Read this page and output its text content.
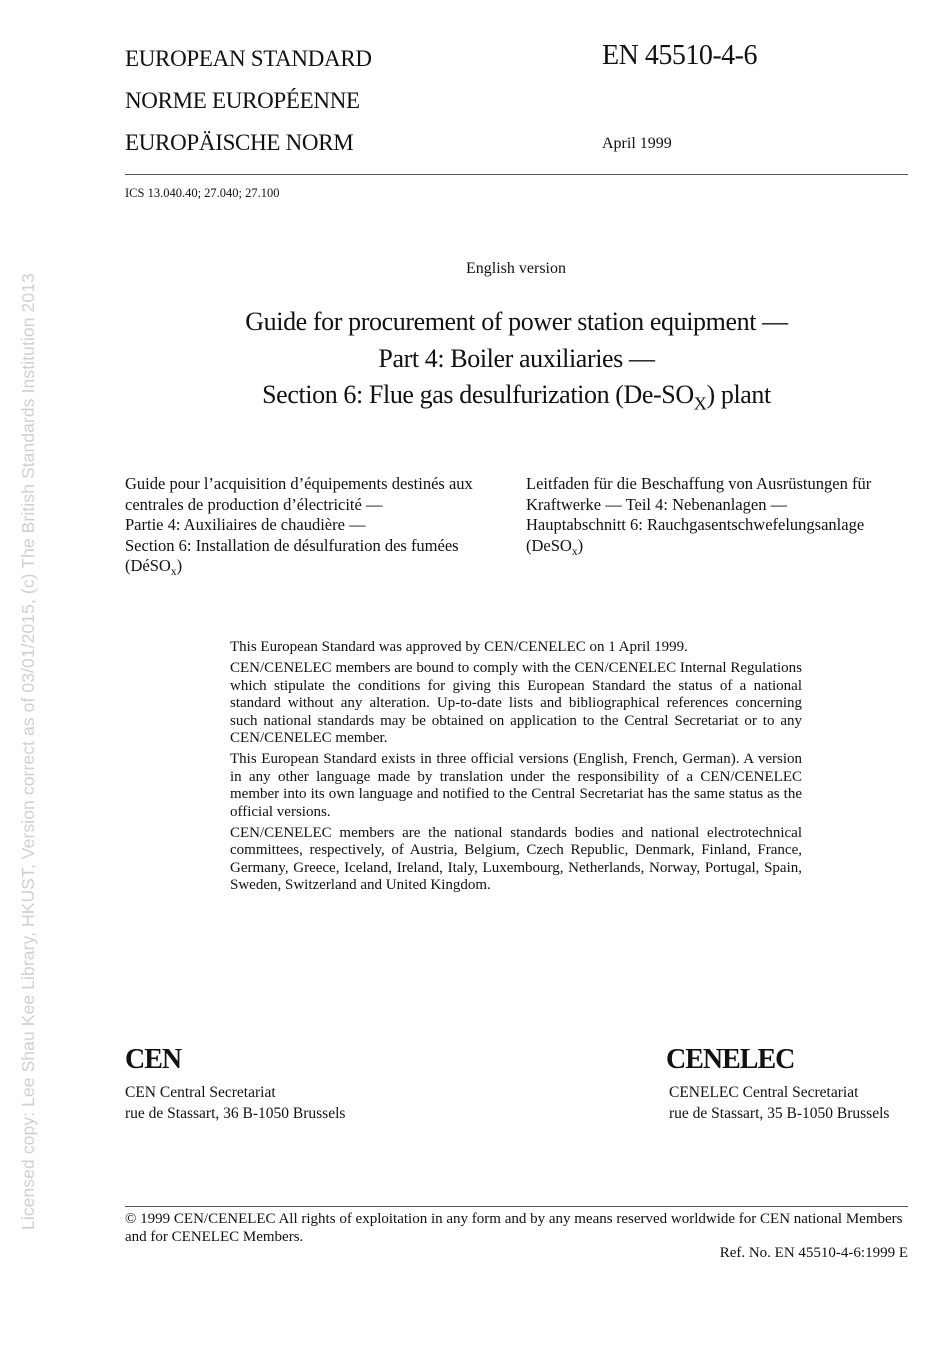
Licensed copy: Lee Shau Kee Library, HKUST, Version correct as of 03/01/2015, (c) The British Standards Institution 2013
EUROPEAN STANDARD
NORME EUROPÉENNE
EUROPÄISCHE NORM
EN 45510-4-6
April 1999
ICS 13.040.40; 27.040; 27.100
English version
Guide for procurement of power station equipment —
Part 4: Boiler auxiliaries —
Section 6: Flue gas desulfurization $(De-SO_X)$ plant
Guide pour l’acquisition d’équipements destinés aux
centrales de production d’électricité —
Partie 4: Auxiliaires de chaudière —
Section 6: Installation de désulfuration des fumées
(DéSO$_x$)
Leitfaden für die Beschaffung von Ausrüstungen für
Kraftwerke — Teil 4: Nebenanlagen —
Hauptabschnitt 6: Rauchgasentschwefelungsanlage
(DeSO$_x$)

This European Standard was approved by CEN/CENELEC on 1 April 1999.

CEN/CENELEC members are bound to comply with the CEN/CENELEC Internal Regulations which stipulate the conditions for giving this European Standard the status of a national standard without any alteration. Up-to-date lists and bibliographical references concerning such national standards may be obtained on application to the Central Secretariat or to any CEN/CENELEC member.

This European Standard exists in three official versions (English, French, German). A version in any other language made by translation under the responsibility of a CEN/CENELEC member into its own language and notified to the Central Secretariat has the same status as the official versions.

CEN/CENELEC members are the national standards bodies and national electrotechnical committees, respectively, of Austria, Belgium, Czech Republic, Denmark, Finland, France, Germany, Greece, Iceland, Ireland, Italy, Luxembourg, Netherlands, Norway, Portugal, Spain, Sweden, Switzerland and United Kingdom.

CEN
CEN Central Secretariat
rue de Stassart, 36 B-1050 Brussels
CENELEC
CENELEC Central Secretariat
rue de Stassart, 35 B-1050 Brussels
© 1999 CEN/CENELEC All rights of exploitation in any form and by any means reserved worldwide for CEN national Members and for CENELEC Members.
Ref. No. EN 45510-4-6:1999 E
